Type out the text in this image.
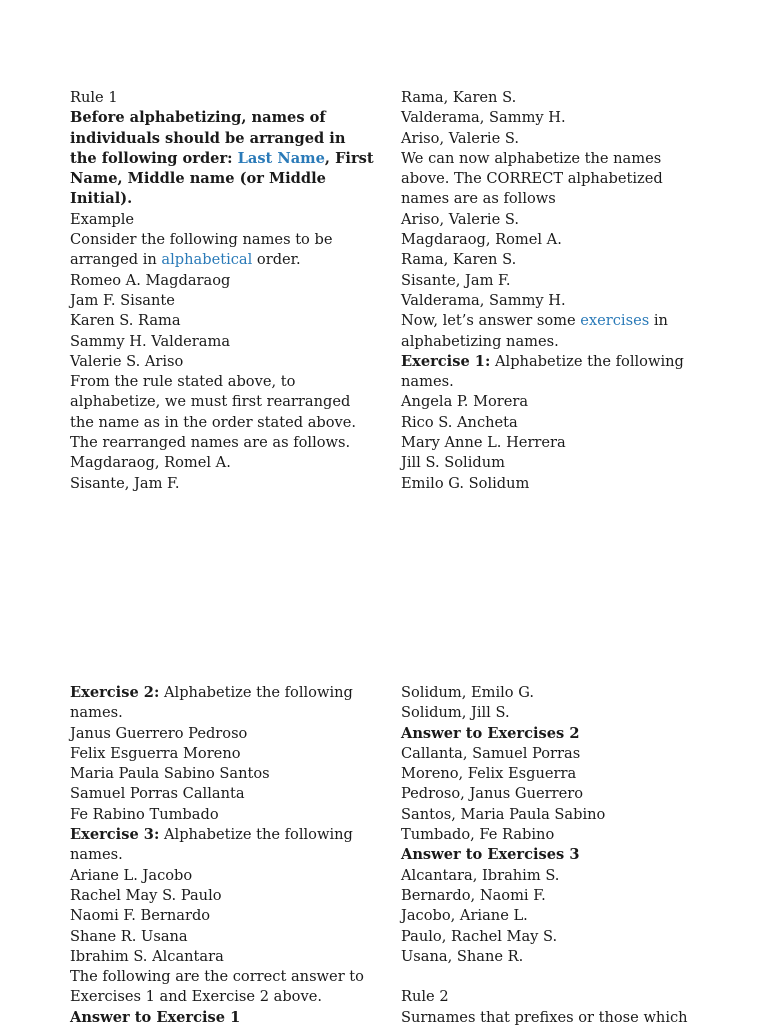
Rule 1
Before alphabetizing, names of
individuals should be arranged in
the following order: Last Name, First
Name, Middle name (or Middle
Initial).
Example
Consider the following names to be
arranged in alphabetical order.
Romeo A. Magdaraog
Jam F. Sisante
Karen S. Rama
Sammy H. Valderama
Valerie S. Ariso
From the rule stated above, to
alphabetize, we must first rearranged
the name as in the order stated above.
The rearranged names are as follows.
Magdaraog, Romel A.
Sisante, Jam F.
Rama, Karen S.
Valderama, Sammy H.
Ariso, Valerie S.
We can now alphabetize the names
above. The CORRECT alphabetized
names are as follows
Ariso, Valerie S.
Magdaraog, Romel A.
Rama, Karen S.
Sisante, Jam F.
Valderama, Sammy H.
Now, let’s answer some exercises in
alphabetizing names.
Exercise 1: Alphabetize the following
names.
Angela P. Morera
Rico S. Ancheta
Mary Anne L. Herrera
Jill S. Solidum
Emilo G. Solidum
Exercise 2: Alphabetize the following
names.
Janus Guerrero Pedroso
Felix Esguerra Moreno
Maria Paula Sabino Santos
Samuel Porras Callanta
Fe Rabino Tumbado
Exercise 3: Alphabetize the following
names.
Ariane L. Jacobo
Rachel May S. Paulo
Naomi F. Bernardo
Shane R. Usana
Ibrahim S. Alcantara
The following are the correct answer to
Exercises 1 and Exercise 2 above.
Answer to Exercise 1
Solidum, Emilo G.
Solidum, Jill S.
Answer to Exercises 2
Callanta, Samuel Porras
Moreno, Felix Esguerra
Pedroso, Janus Guerrero
Santos, Maria Paula Sabino
Tumbado, Fe Rabino
Answer to Exercises 3
Alcantara, Ibrahim S.
Bernardo, Naomi F.
Jacobo, Ariane L.
Paulo, Rachel May S.
Usana, Shane R.
Rule 2
Surnames that prefixes or those which
